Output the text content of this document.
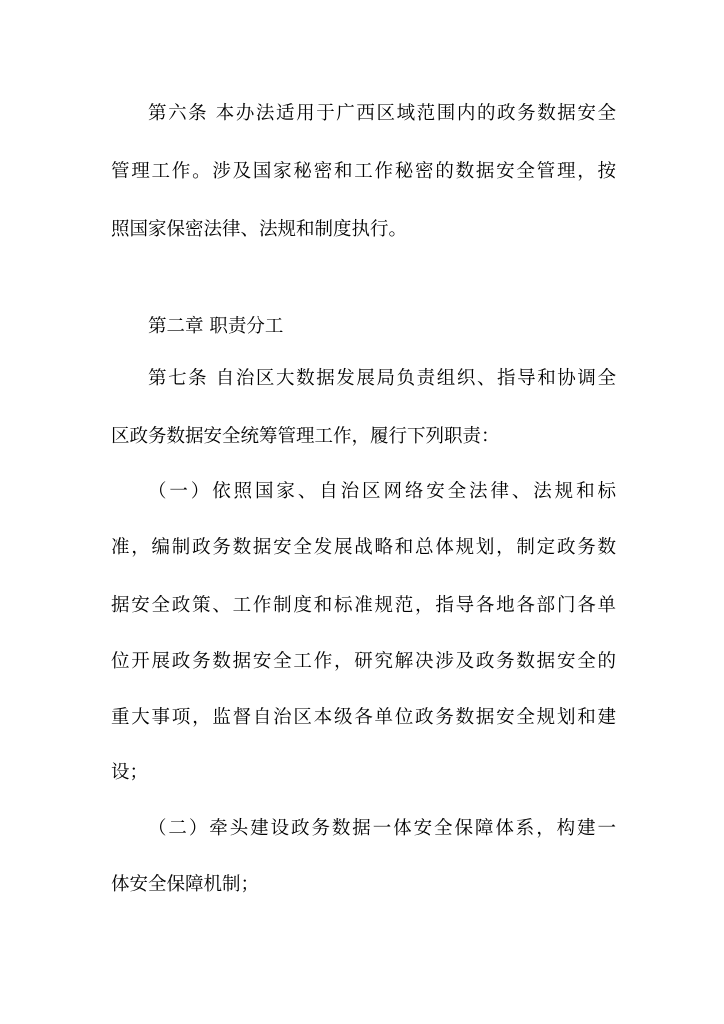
第六条 本办法适用于广西区域范围内的政务数据安全
管理工作。涉及国家秘密和工作秘密的数据安全管理，按
照国家保密法律、法规和制度执行。
第二章 职责分工
第七条 自治区大数据发展局负责组织、指导和协调全
区政务数据安全统筹管理工作，履行下列职责：
（一）依照国家、自治区网络安全法律、法规和标
准，编制政务数据安全发展战略和总体规划，制定政务数
据安全政策、工作制度和标准规范，指导各地各部门各单
位开展政务数据安全工作，研究解决涉及政务数据安全的
重大事项，监督自治区本级各单位政务数据安全规划和建
设；
（二）牵头建设政务数据一体安全保障体系，构建一
体安全保障机制；
